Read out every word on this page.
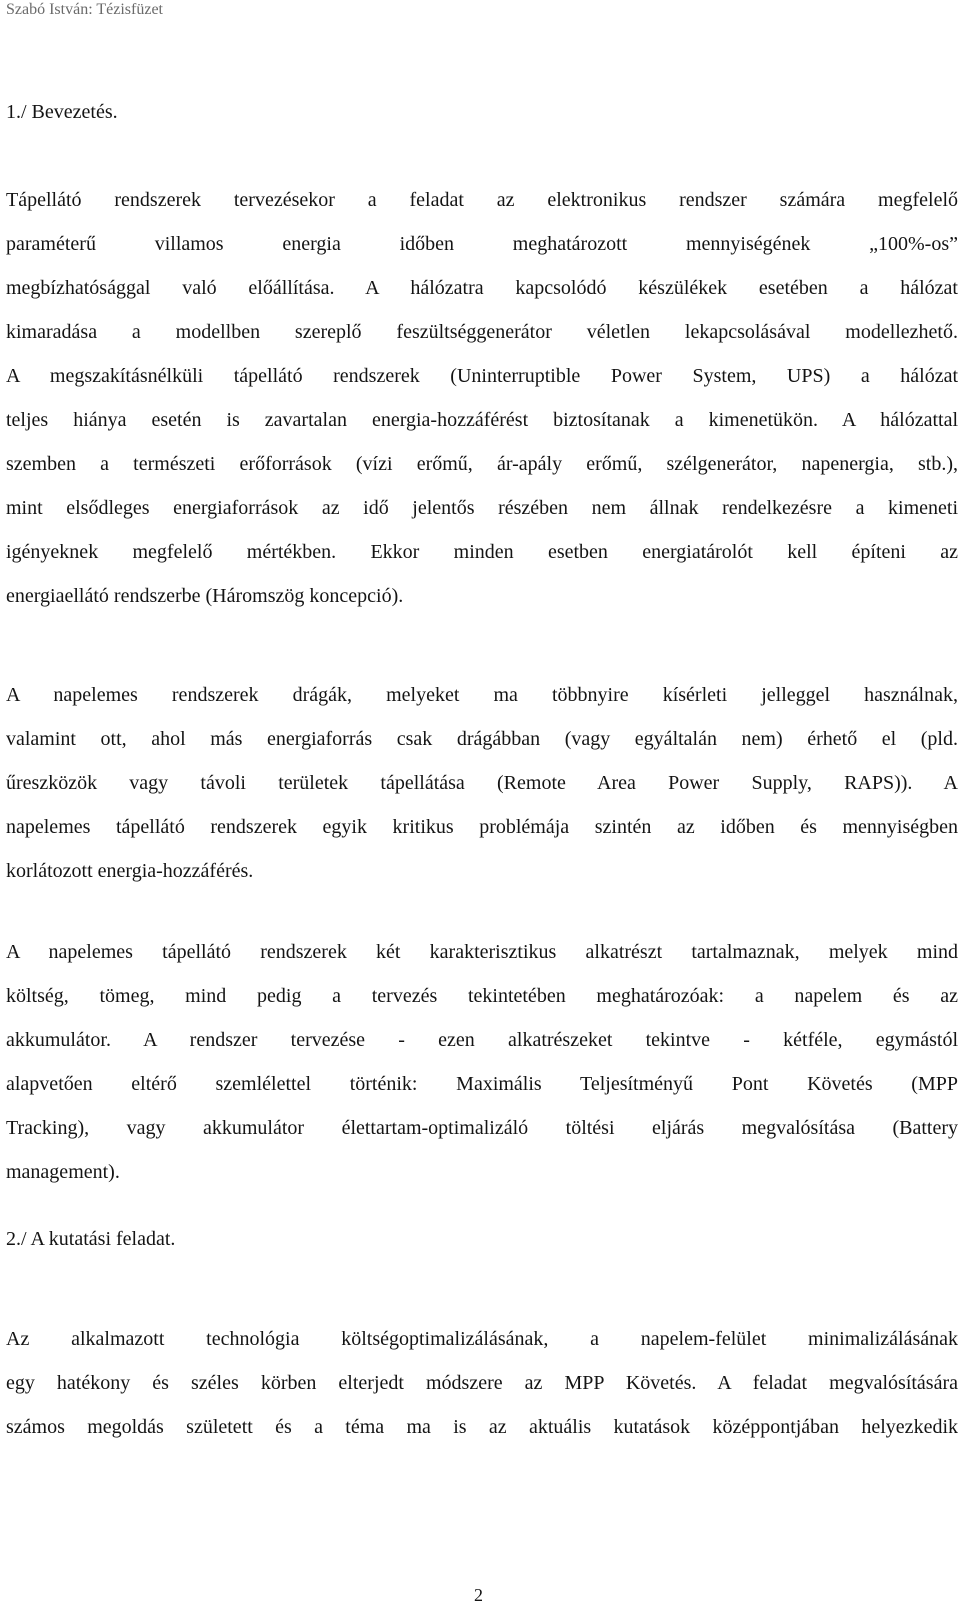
Szabó István: Tézisfüzet
1./ Bevezetés.
Tápellátó rendszerek tervezésekor a feladat az elektronikus rendszer számára megfelelő
paraméterű villamos energia időben meghatározott mennyiségének „100%-os”
megbízhatósággal való előállítása. A hálózatra kapcsolódó készülékek esetében a hálózat
kimaradása a modellben szereplő feszültséggenerátor véletlen lekapcsolásával modellezhető.
A megszakításnélküli tápellátó rendszerek (Uninterruptible Power System, UPS) a hálózat
teljes hiánya esetén is zavartalan energia-hozzáférést biztosítanak a kimenetükön. A hálózattal
szemben a természeti erőforrások (vízi erőmű, ár-apály erőmű, szélgenerátor, napenergia, stb.),
mint elsődleges energiaforrások az idő jelentős részében nem állnak rendelkezésre a kimeneti
igényeknek megfelelő mértékben. Ekkor minden esetben energiatárolót kell építeni az
energiaellátó rendszerbe (Háromszög koncepció).
A napelemes rendszerek drágák, melyeket ma többnyire kísérleti jelleggel használnak,
valamint ott, ahol más energiaforrás csak drágábban (vagy egyáltalán nem) érhető el (pld.
űreszközök vagy távoli területek tápellátása (Remote Area Power Supply, RAPS)). A
napelemes tápellátó rendszerek egyik kritikus problémája szintén az időben és mennyiségben
korlátozott energia-hozzáférés.
A napelemes tápellátó rendszerek két karakterisztikus alkatrészt tartalmaznak, melyek mind
költség, tömeg, mind pedig a tervezés tekintetében meghatározóak: a napelem és az
akkumulátor. A rendszer tervezése - ezen alkatrészeket tekintve - kétféle, egymástól
alapvetően eltérő szemlélettel történik: Maximális Teljesítményű Pont Követés (MPP
Tracking), vagy akkumulátor élettartam-optimalizáló töltési eljárás megvalósítása (Battery
management).
2./ A kutatási feladat.
Az alkalmazott technológia költségoptimalizálásának, a napelem-felület minimalizálásának
egy hatékony és széles körben elterjedt módszere az MPP Követés. A feladat megvalósítására
számos megoldás született és a téma ma is az aktuális kutatások középpontjában helyezkedik
2
